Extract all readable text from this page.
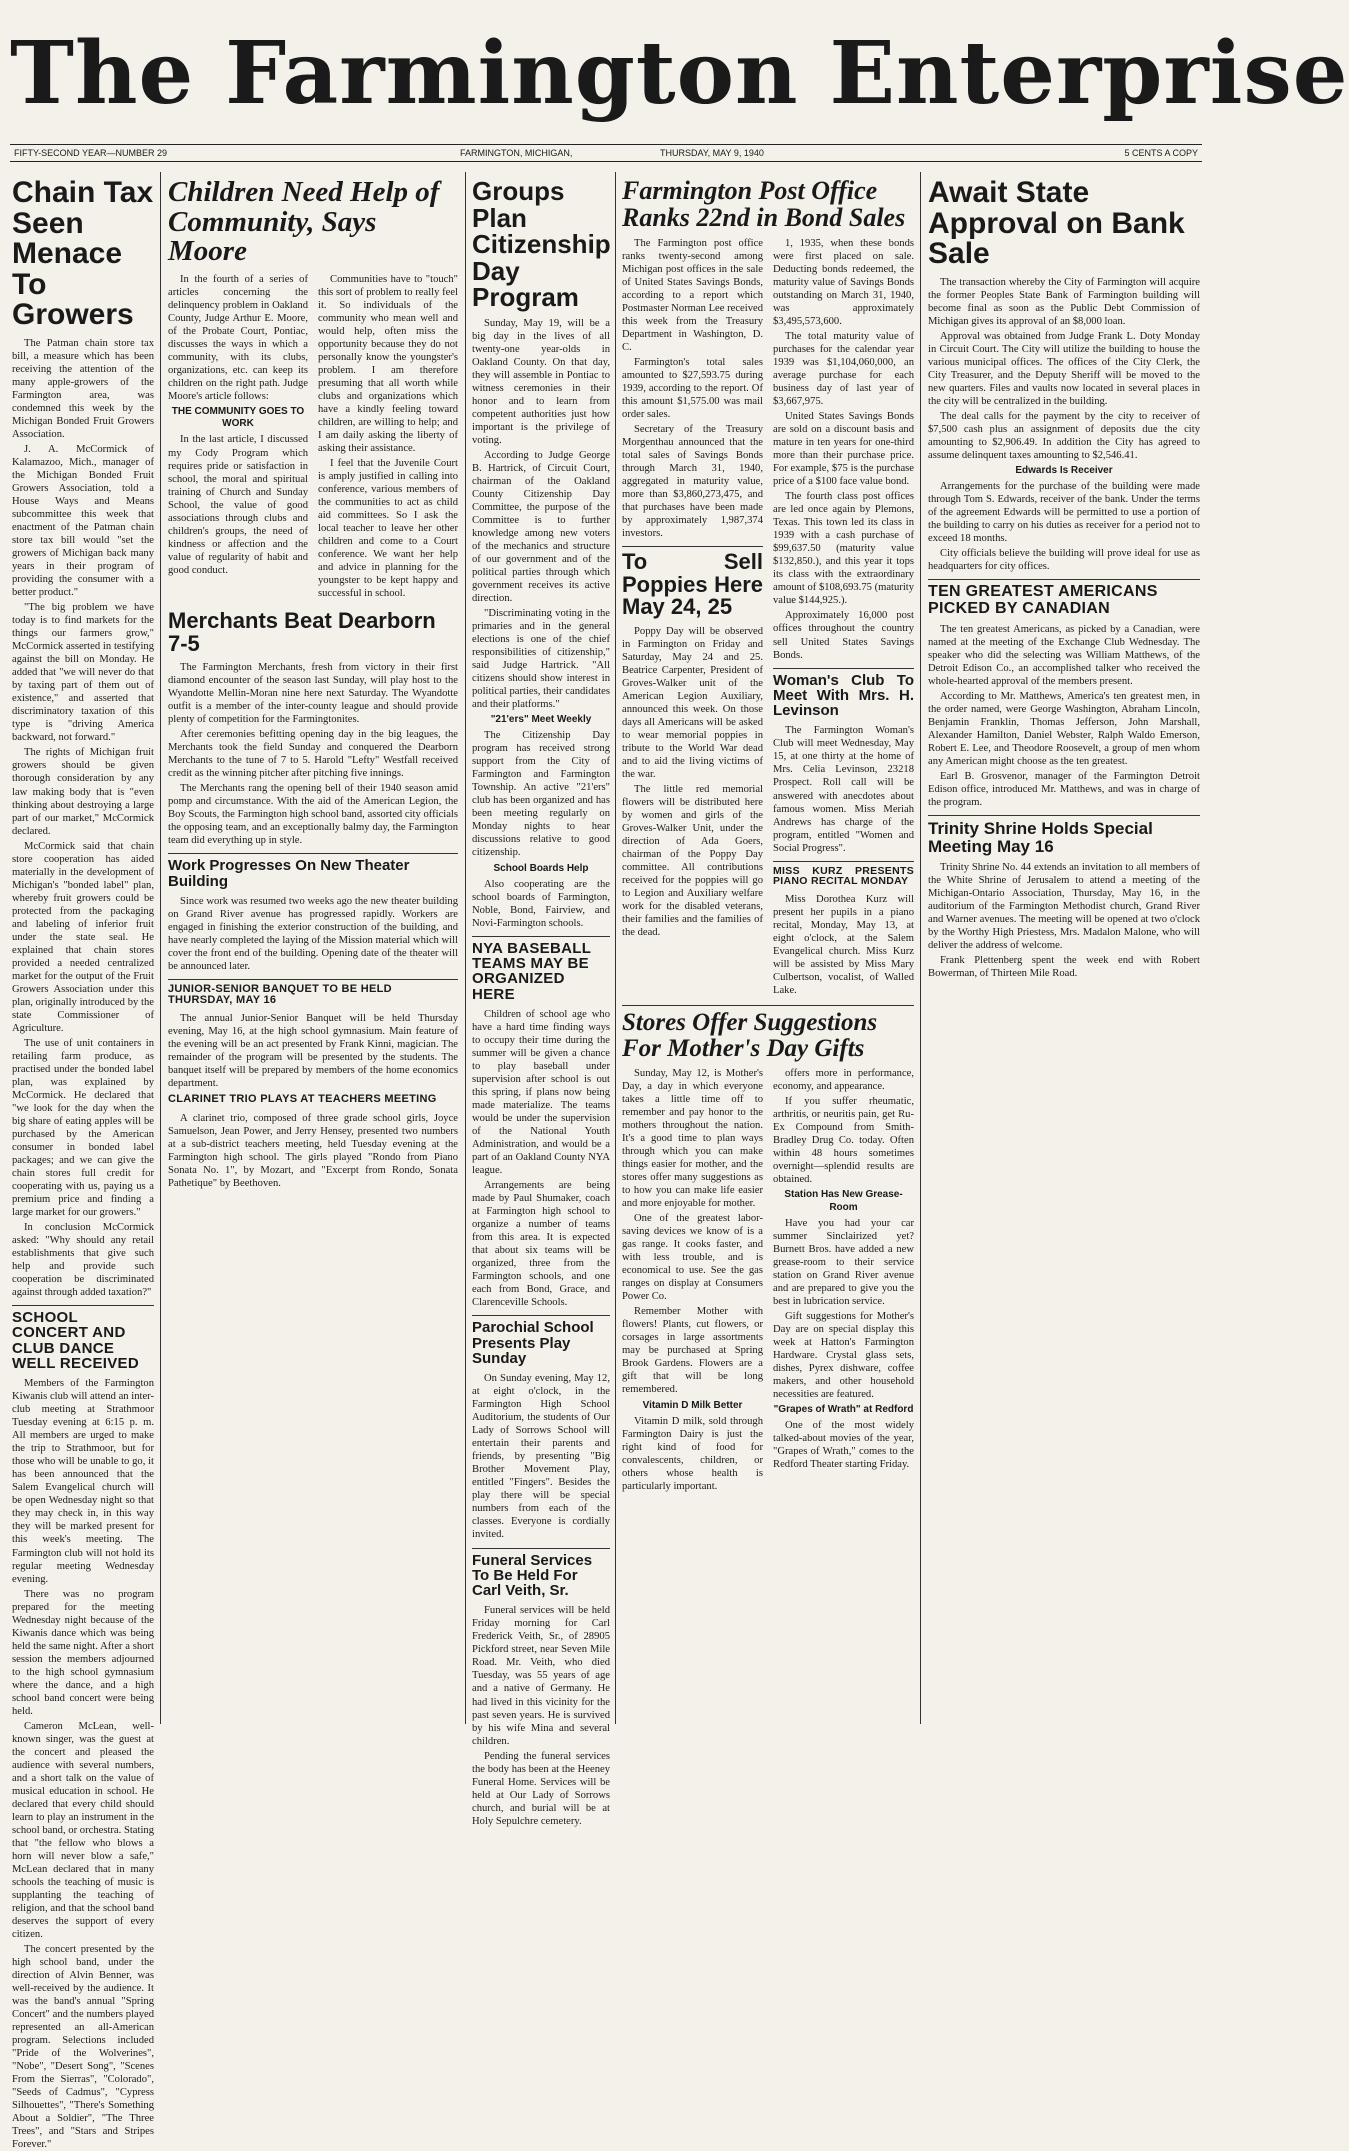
The Farmington Enterprise
FIFTY-SECOND YEAR—NUMBER 29	FARMINGTON, MICHIGAN,	THURSDAY, MAY 9, 1940	5 CENTS A COPY
Chain Tax Seen Menace To Growers

The Patman chain store tax bill, a measure which has been receiving the attention of the many apple-growers of the Farmington area, was condemned this week by the Michigan Bonded Fruit Growers Association.

J. A. McCormick of Kalamazoo, Mich., manager of the Michigan Bonded Fruit Growers Association, told a House Ways and Means subcommittee this week that enactment of the Patman chain store tax bill would "set the growers of Michigan back many years in their program of providing the consumer with a better product."

"The big problem we have today is to find markets for the things our farmers grow," McCormick asserted in testifying against the bill on Monday. He added that "we will never do that by taxing part of them out of existence," and asserted that discriminatory taxation of this type is "driving America backward, not forward."

The rights of Michigan fruit growers should be given thorough consideration by any law making body that is "even thinking about destroying a large part of our market," McCormick declared.

McCormick said that chain store cooperation has aided materially in the development of Michigan's "bonded label" plan, whereby fruit growers could be protected from the packaging and labeling of inferior fruit under the state seal. He explained that chain stores provided a needed centralized market for the output of the Fruit Growers Association under this plan, originally introduced by the state Commissioner of Agriculture.

The use of unit containers in retailing farm produce, as practised under the bonded label plan, was explained by McCormick. He declared that "we look for the day when the big share of eating apples will be purchased by the American consumer in bonded label packages; and we can give the chain stores full credit for cooperating with us, paying us a premium price and finding a large market for our growers."

In conclusion McCormick asked: "Why should any retail establishments that give such help and provide such cooperation be discriminated against through added taxation?"

SCHOOL CONCERT AND CLUB DANCE WELL RECEIVED

Members of the Farmington Kiwanis club will attend an inter-club meeting at Strathmoor Tuesday evening at 6:15 p. m. All members are urged to make the trip to Strathmoor, but for those who will be unable to go, it has been announced that the Salem Evangelical church will be open Wednesday night so that they may check in, in this way they will be marked present for this week's meeting. The Farmington club will not hold its regular meeting Wednesday evening.

There was no program prepared for the meeting Wednesday night because of the Kiwanis dance which was being held the same night. After a short session the members adjourned to the high school gymnasium where the dance, and a high school band concert were being held.

Cameron McLean, well-known singer, was the guest at the concert and pleased the audience with several numbers, and a short talk on the value of musical education in school. He declared that every child should learn to play an instrument in the school band, or orchestra. Stating that "the fellow who blows a horn will never blow a safe," McLean declared that in many schools the teaching of music is supplanting the teaching of religion, and that the school band deserves the support of every citizen.

The concert presented by the high school band, under the direction of Alvin Benner, was well-received by the audience. It was the band's annual "Spring Concert" and the numbers played represented an all-American program. Selections included "Pride of the Wolverines", "Nobe", "Desert Song", "Scenes From the Sierras", "Colorado", "Seeds of Cadmus", "Cypress Silhouettes", "There's Something About a Soldier", "The Three Trees", and "Stars and Stripes Forever."

Children Need Help of Community, Says Moore

In the fourth of a series of articles concerning the delinquency problem in Oakland County, Judge Arthur E. Moore, of the Probate Court, Pontiac, discusses the ways in which a community, with its clubs, organizations, etc. can keep its children on the right path. Judge Moore's article follows:

THE COMMUNITY GOES TO WORK

In the last article, I discussed my Cody Program which requires pride or satisfaction in school, the moral and spiritual training of Church and Sunday School, the value of good associations through clubs and children's groups, the need of kindness or affection and the value of regularity of habit and good conduct.

Communities have to "touch" this sort of problem to really feel it. So individuals of the community who mean well and would help, often miss the opportunity because they do not personally know the youngster's problem. I am therefore presuming that all worth while clubs and organizations which have a kindly feeling toward children, are willing to help; and I am daily asking the liberty of asking their assistance.

I feel that the Juvenile Court is amply justified in calling into conference, various members of the communities to act as child aid committees. So I ask the local teacher to leave her other children and come to a Court conference. We want her help and advice in planning for the youngster to be kept happy and successful in school.

Merchants Beat Dearborn 7-5

The Farmington Merchants, fresh from victory in their first diamond encounter of the season last Sunday, will play host to the Wyandotte Mellin-Moran nine here next Saturday. The Wyandotte outfit is a member of the inter-county league and should provide plenty of competition for the Farmingtonites.

After ceremonies befitting opening day in the big leagues, the Merchants took the field Sunday and conquered the Dearborn Merchants to the tune of 7 to 5. Harold "Lefty" Westfall received credit as the winning pitcher after pitching five innings.

The Merchants rang the opening bell of their 1940 season amid pomp and circumstance. With the aid of the American Legion, the Boy Scouts, the Farmington high school band, assorted city officials the opposing team, and an exceptionally balmy day, the Farmington team did everything up in style.

Work Progresses On New Theater Building

Since work was resumed two weeks ago the new theater building on Grand River avenue has progressed rapidly. Workers are engaged in finishing the exterior construction of the building, and have nearly completed the laying of the Mission material which will cover the front end of the building. Opening date of the theater will be announced later.

JUNIOR-SENIOR BANQUET TO BE HELD THURSDAY, MAY 16

The annual Junior-Senior Banquet will be held Thursday evening, May 16, at the high school gymnasium. Main feature of the evening will be an act presented by Frank Kinni, magician. The remainder of the program will be presented by the students. The banquet itself will be prepared by members of the home economics department.

CLARINET TRIO PLAYS AT TEACHERS MEETING

A clarinet trio, composed of three grade school girls, Joyce Samuelson, Jean Power, and Jerry Hensey, presented two numbers at a sub-district teachers meeting, held Tuesday evening at the Farmington high school. The girls played "Rondo from Piano Sonata No. 1", by Mozart, and "Excerpt from Rondo, Sonata Pathetique" by Beethoven.

Groups Plan Citizenship Day Program

Sunday, May 19, will be a big day in the lives of all twenty-one year-olds in Oakland County. On that day, they will assemble in Pontiac to witness ceremonies in their honor and to learn from competent authorities just how important is the privilege of voting.

According to Judge George B. Hartrick, of Circuit Court, chairman of the Oakland County Citizenship Day Committee, the purpose of the Committee is to further knowledge among new voters of the mechanics and structure of our government and of the political parties through which government receives its active direction.

"Discriminating voting in the primaries and in the general elections is one of the chief responsibilities of citizenship," said Judge Hartrick. "All citizens should show interest in political parties, their candidates and their platforms."

"21'ers" Meet Weekly

The Citizenship Day program has received strong support from the City of Farmington and Farmington Township. An active "21'ers" club has been organized and has been meeting regularly on Monday nights to hear discussions relative to good citizenship.

School Boards Help

Also cooperating are the school boards of Farmington, Noble, Bond, Fairview, and Novi-Farmington schools.

NYA BASEBALL TEAMS MAY BE ORGANIZED HERE

Children of school age who have a hard time finding ways to occupy their time during the summer will be given a chance to play baseball under supervision after school is out this spring, if plans now being made materialize. The teams would be under the supervision of the National Youth Administration, and would be a part of an Oakland County NYA league.

Arrangements are being made by Paul Shumaker, coach at Farmington high school to organize a number of teams from this area. It is expected that about six teams will be organized, three from the Farmington schools, and one each from Bond, Grace, and Clarenceville Schools.

Parochial School Presents Play Sunday

On Sunday evening, May 12, at eight o'clock, in the Farmington High School Auditorium, the students of Our Lady of Sorrows School will entertain their parents and friends, by presenting "Big Brother Movement Play, entitled "Fingers". Besides the play there will be special numbers from each of the classes. Everyone is cordially invited.

Funeral Services To Be Held For Carl Veith, Sr.

Funeral services will be held Friday morning for Carl Frederick Veith, Sr., of 28905 Pickford street, near Seven Mile Road. Mr. Veith, who died Tuesday, was 55 years of age and a native of Germany. He had lived in this vicinity for the past seven years. He is survived by his wife Mina and several children.

Pending the funeral services the body has been at the Heeney Funeral Home. Services will be held at Our Lady of Sorrows church, and burial will be at Holy Sepulchre cemetery.

Farmington Post Office Ranks 22nd in Bond Sales

The Farmington post office ranks twenty-second among Michigan post offices in the sale of United States Savings Bonds, according to a report which Postmaster Norman Lee received this week from the Treasury Department in Washington, D. C.

Farmington's total sales amounted to $27,593.75 during 1939, according to the report. Of this amount $1,575.00 was mail order sales.

Secretary of the Treasury Morgenthau announced that the total sales of Savings Bonds through March 31, 1940, aggregated in maturity value, more than $3,860,273,475, and that purchases have been made by approximately 1,987,374 investors.

To Sell Poppies Here May 24, 25

Poppy Day will be observed in Farmington on Friday and Saturday, May 24 and 25. Beatrice Carpenter, President of Groves-Walker unit of the American Legion Auxiliary, announced this week. On those days all Americans will be asked to wear memorial poppies in tribute to the World War dead and to aid the living victims of the war.

The little red memorial flowers will be distributed here by women and girls of the Groves-Walker Unit, under the direction of Ada Goers, chairman of the Poppy Day committee. All contributions received for the poppies will go to Legion and Auxiliary welfare work for the disabled veterans, their families and the families of the dead.

1, 1935, when these bonds were first placed on sale. Deducting bonds redeemed, the maturity value of Savings Bonds outstanding on March 31, 1940, was approximately $3,495,573,600.

The total maturity value of purchases for the calendar year 1939 was $1,104,060,000, an average purchase for each business day of last year of $3,667,975.

United States Savings Bonds are sold on a discount basis and mature in ten years for one-third more than their purchase price. For example, $75 is the purchase price of a $100 face value bond.

The fourth class post offices are led once again by Plemons, Texas. This town led its class in 1939 with a cash purchase of $99,637.50 (maturity value $132,850.), and this year it tops its class with the extraordinary amount of $108,693.75 (maturity value $144,925.).

Approximately 16,000 post offices throughout the country sell United States Savings Bonds.

Woman's Club To Meet With Mrs. H. Levinson

The Farmington Woman's Club will meet Wednesday, May 15, at one thirty at the home of Mrs. Celia Levinson, 23218 Prospect. Roll call will be answered with anecdotes about famous women. Miss Meriah Andrews has charge of the program, entitled "Women and Social Progress".

MISS KURZ PRESENTS PIANO RECITAL MONDAY

Miss Dorothea Kurz will present her pupils in a piano recital, Monday, May 13, at eight o'clock, at the Salem Evangelical church. Miss Kurz will be assisted by Miss Mary Culbertson, vocalist, of Walled Lake.

Stores Offer Suggestions For Mother's Day Gifts

Sunday, May 12, is Mother's Day, a day in which everyone takes a little time off to remember and pay honor to the mothers throughout the nation. It's a good time to plan ways through which you can make things easier for mother, and the stores offer many suggestions as to how you can make life easier and more enjoyable for mother.

One of the greatest labor-saving devices we know of is a gas range. It cooks faster, and with less trouble, and is economical to use. See the gas ranges on display at Consumers Power Co.

Remember Mother with flowers! Plants, cut flowers, or corsages in large assortments may be purchased at Spring Brook Gardens. Flowers are a gift that will be long remembered.

Vitamin D Milk Better

Vitamin D milk, sold through Farmington Dairy is just the right kind of food for convalescents, children, or others whose health is particularly important.

offers more in performance, economy, and appearance.

If you suffer rheumatic, arthritis, or neuritis pain, get Ru-Ex Compound from Smith-Bradley Drug Co. today. Often within 48 hours sometimes overnight—splendid results are obtained.

Station Has New Grease-Room

Have you had your car summer Sinclairized yet? Burnett Bros. have added a new grease-room to their service station on Grand River avenue and are prepared to give you the best in lubrication service.

Gift suggestions for Mother's Day are on special display this week at Hatton's Farmington Hardware. Crystal glass sets, dishes, Pyrex dishware, coffee makers, and other household necessities are featured.

"Grapes of Wrath" at Redford

One of the most widely talked-about movies of the year, "Grapes of Wrath," comes to the Redford Theater starting Friday.

Await State Approval on Bank Sale

The transaction whereby the City of Farmington will acquire the former Peoples State Bank of Farmington building will become final as soon as the Public Debt Commission of Michigan gives its approval of an $8,000 loan.

Approval was obtained from Judge Frank L. Doty Monday in Circuit Court. The City will utilize the building to house the various municipal offices. The offices of the City Clerk, the City Treasurer, and the Deputy Sheriff will be moved to the new quarters. Files and vaults now located in several places in the city will be centralized in the building.

The deal calls for the payment by the city to receiver of $7,500 cash plus an assignment of deposits due the city amounting to $2,906.49. In addition the City has agreed to assume delinquent taxes amounting to $2,546.41.

Edwards Is Receiver

Arrangements for the purchase of the building were made through Tom S. Edwards, receiver of the bank. Under the terms of the agreement Edwards will be permitted to use a portion of the building to carry on his duties as receiver for a period not to exceed 18 months.

City officials believe the building will prove ideal for use as headquarters for city offices.

TEN GREATEST AMERICANS PICKED BY CANADIAN

The ten greatest Americans, as picked by a Canadian, were named at the meeting of the Exchange Club Wednesday. The speaker who did the selecting was William Matthews, of the Detroit Edison Co., an accomplished talker who received the whole-hearted approval of the members present.

According to Mr. Matthews, America's ten greatest men, in the order named, were George Washington, Abraham Lincoln, Benjamin Franklin, Thomas Jefferson, John Marshall, Alexander Hamilton, Daniel Webster, Ralph Waldo Emerson, Robert E. Lee, and Theodore Roosevelt, a group of men whom any American might choose as the ten greatest.

Earl B. Grosvenor, manager of the Farmington Detroit Edison office, introduced Mr. Matthews, and was in charge of the program.

Trinity Shrine Holds Special Meeting May 16

Trinity Shrine No. 44 extends an invitation to all members of the White Shrine of Jerusalem to attend a meeting of the Michigan-Ontario Association, Thursday, May 16, in the auditorium of the Farmington Methodist church, Grand River and Warner avenues. The meeting will be opened at two o'clock by the Worthy High Priestess, Mrs. Madalon Malone, who will deliver the address of welcome.

Frank Plettenberg spent the week end with Robert Bowerman, of Thirteen Mile Road.
